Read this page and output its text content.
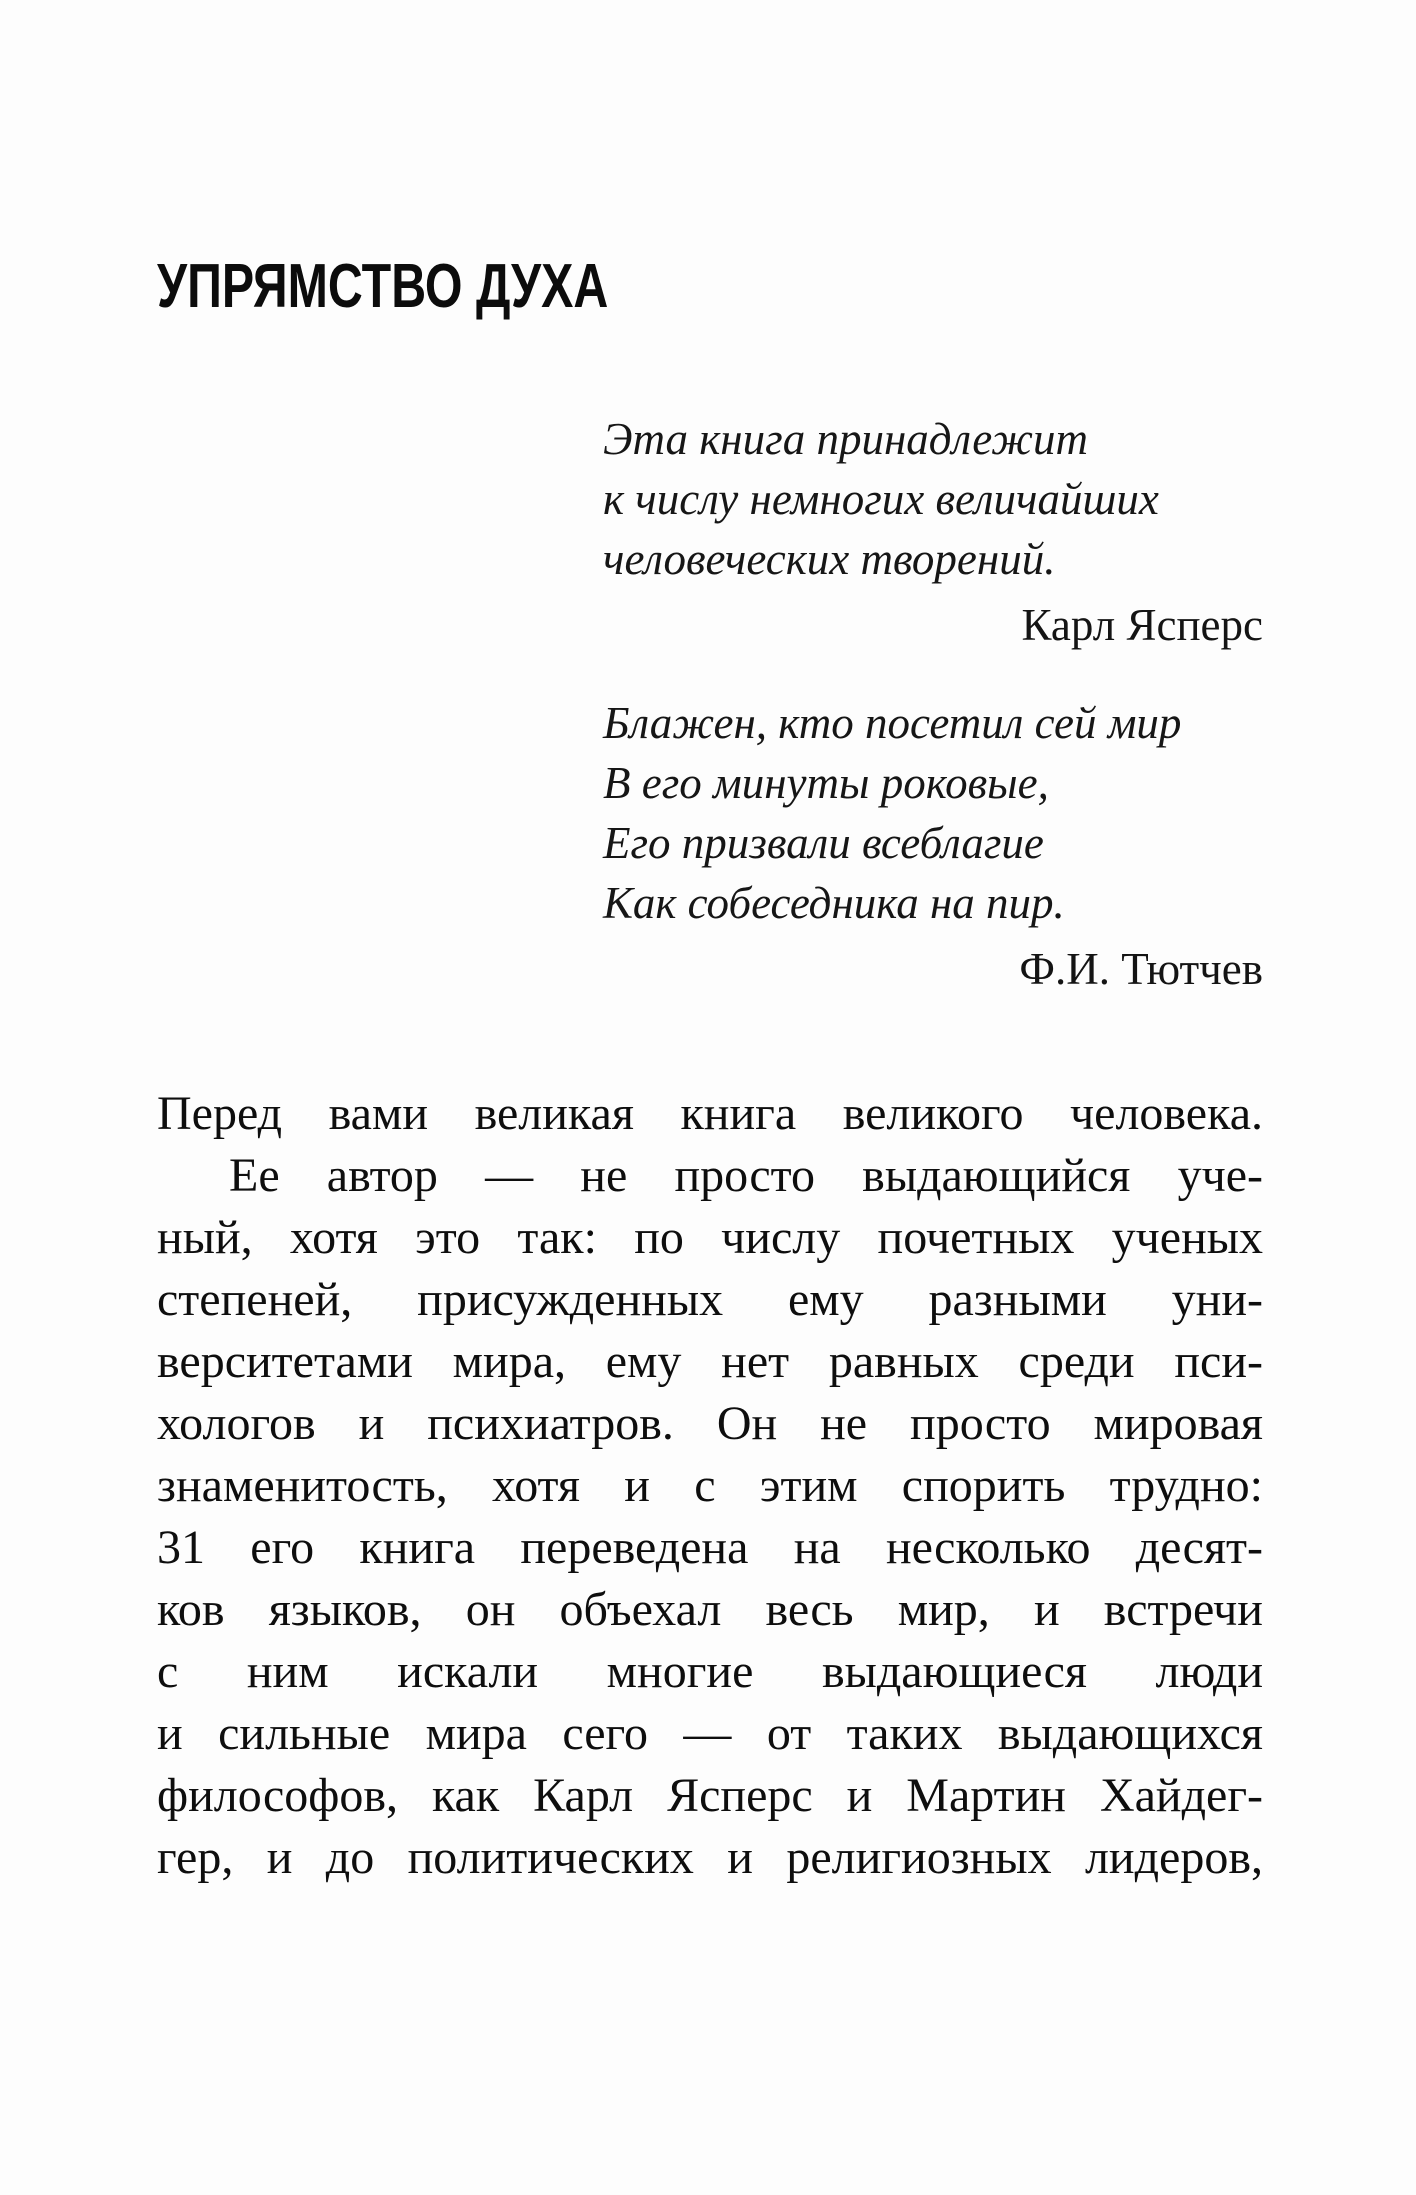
УПРЯМСТВО ДУХА
Эта книга принадлежит
к числу немногих величайших
человеческих творений.
Карл Ясперс
Блажен, кто посетил сей мир
В его минуты роковые,
Его призвали всеблагие
Как собеседника на пир.
Ф.И. Тютчев
Перед вами великая книга великого человека.
Ее автор — не просто выдающийся уче-
ный, хотя это так: по числу почетных ученых
степеней, присужденных ему разными уни-
верситетами мира, ему нет равных среди пси-
хологов и психиатров. Он не просто мировая
знаменитость, хотя и с этим спорить трудно:
31 его книга переведена на несколько десят-
ков языков, он объехал весь мир, и встречи
с ним искали многие выдающиеся люди
и сильные мира сего — от таких выдающихся
философов, как Карл Ясперс и Мартин Хайдег-
гер, и до политических и религиозных лидеров,
